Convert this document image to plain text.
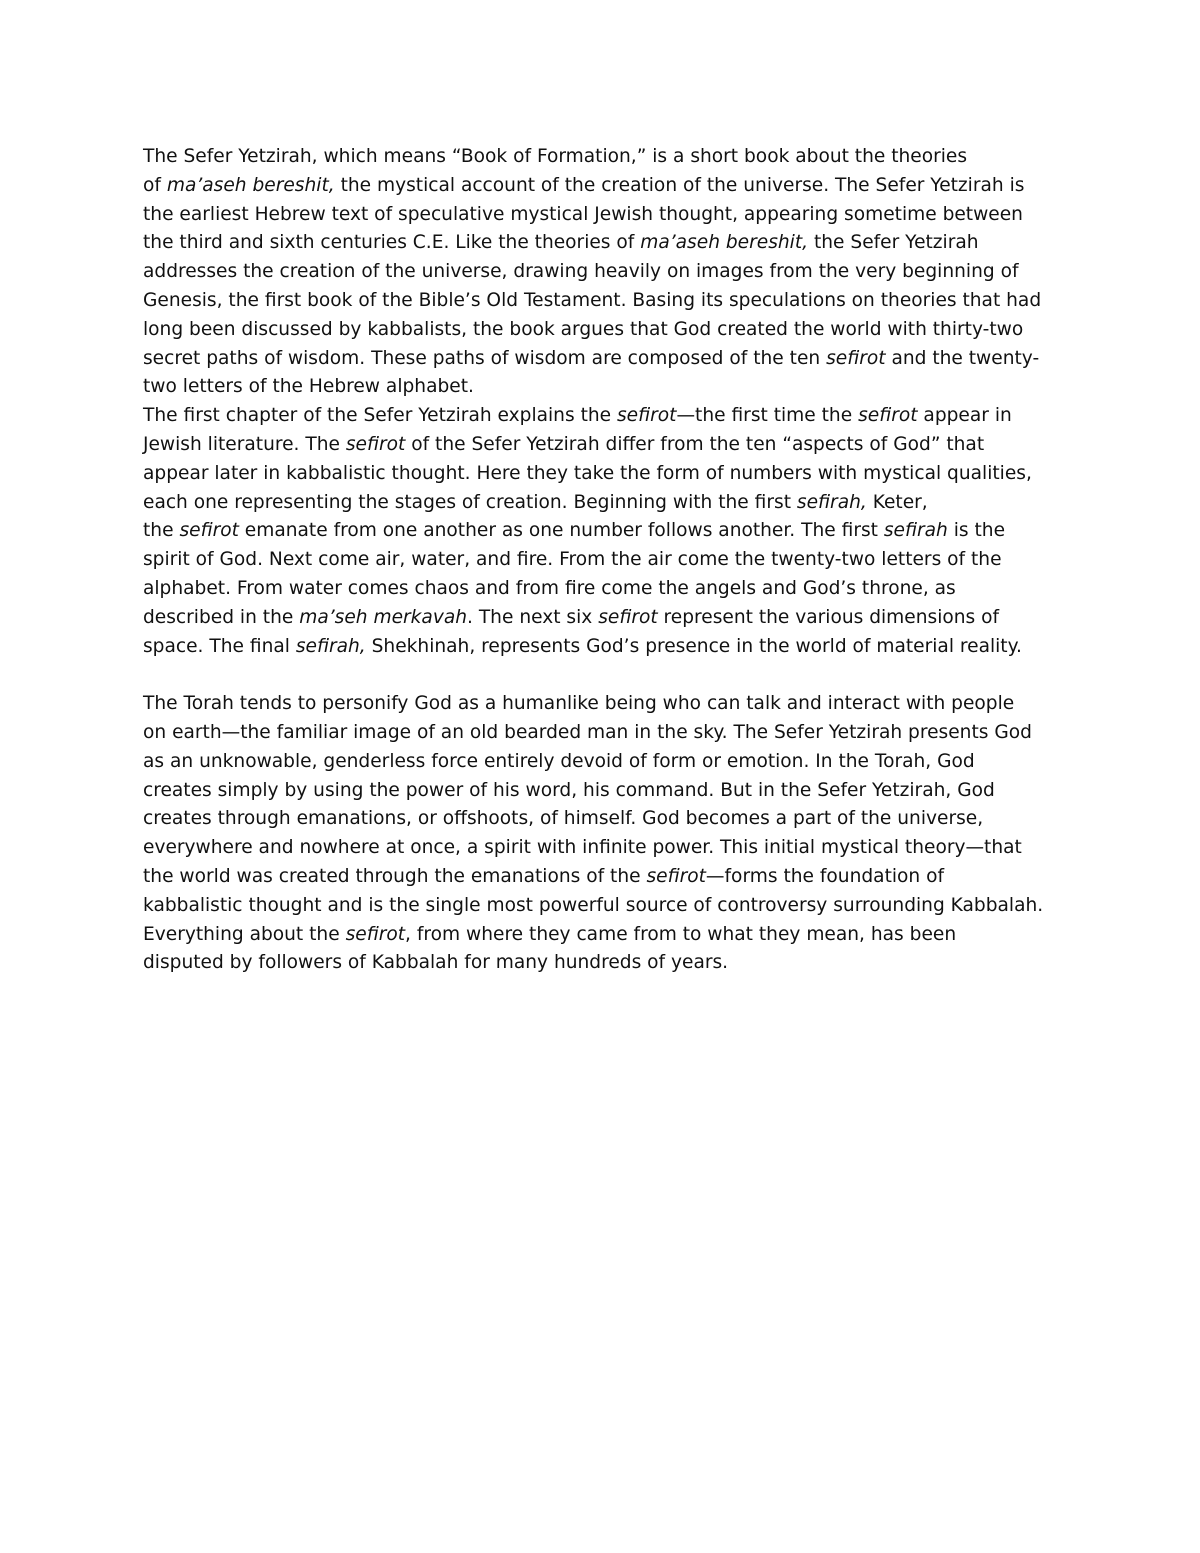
The Sefer Yetzirah, which means “Book of Formation,” is a short book about the theories
of ma’aseh bereshit, the mystical account of the creation of the universe. The Sefer Yetzirah is
the earliest Hebrew text of speculative mystical Jewish thought, appearing sometime between
the third and sixth centuries C.E. Like the theories of ma’aseh bereshit, the Sefer Yetzirah
addresses the creation of the universe, drawing heavily on images from the very beginning of
Genesis, the first book of the Bible’s Old Testament. Basing its speculations on theories that had
long been discussed by kabbalists, the book argues that God created the world with thirty-two
secret paths of wisdom. These paths of wisdom are composed of the ten sefirot and the twenty-
two letters of the Hebrew alphabet.
The first chapter of the Sefer Yetzirah explains the sefirot—the first time the sefirot appear in
Jewish literature. The sefirot of the Sefer Yetzirah differ from the ten “aspects of God” that
appear later in kabbalistic thought. Here they take the form of numbers with mystical qualities,
each one representing the stages of creation. Beginning with the first sefirah, Keter,
the sefirot emanate from one another as one number follows another. The first sefirah is the
spirit of God. Next come air, water, and fire. From the air come the twenty-two letters of the
alphabet. From water comes chaos and from fire come the angels and God’s throne, as
described in the ma’seh merkavah. The next six sefirot represent the various dimensions of
space. The final sefirah, Shekhinah, represents God’s presence in the world of material reality.
The Torah tends to personify God as a humanlike being who can talk and interact with people
on earth—the familiar image of an old bearded man in the sky. The Sefer Yetzirah presents God
as an unknowable, genderless force entirely devoid of form or emotion. In the Torah, God
creates simply by using the power of his word, his command. But in the Sefer Yetzirah, God
creates through emanations, or offshoots, of himself. God becomes a part of the universe,
everywhere and nowhere at once, a spirit with infinite power. This initial mystical theory—that
the world was created through the emanations of the sefirot—forms the foundation of
kabbalistic thought and is the single most powerful source of controversy surrounding Kabbalah.
Everything about the sefirot, from where they came from to what they mean, has been
disputed by followers of Kabbalah for many hundreds of years.
